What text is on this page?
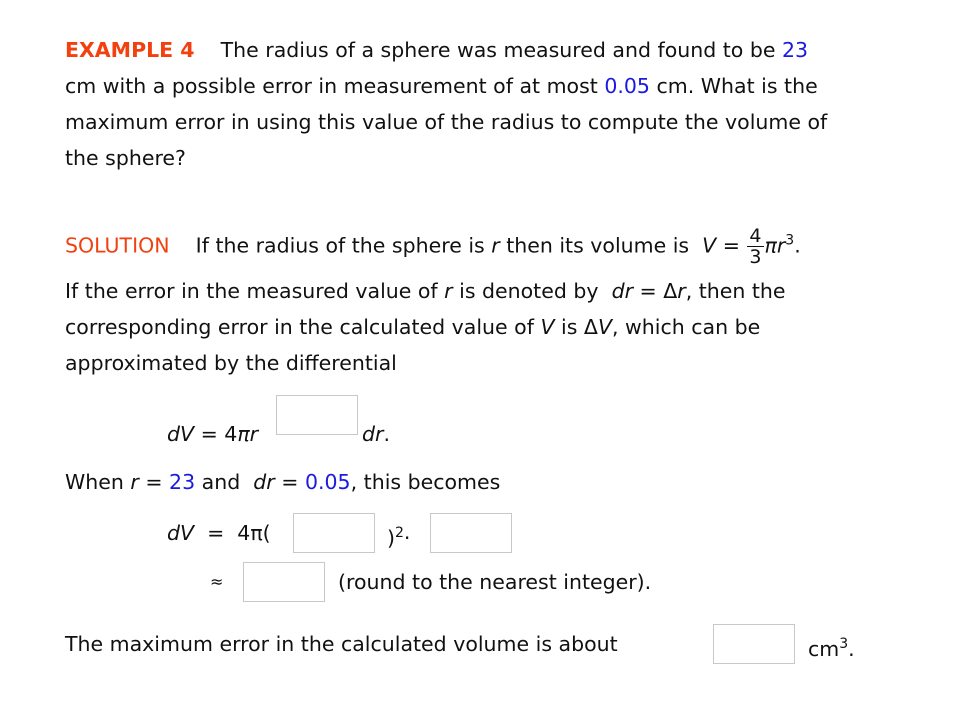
EXAMPLE 4 The radius of a sphere was measured and found to be 23
cm with a possible error in measurement of at most 0.05 cm. What is the
maximum error in using this value of the radius to compute the volume of
the sphere?
SOLUTION If the radius of the sphere is r then its volume is  $V = \frac{4}{3} \pi r^3$.
If the error in the measured value of r is denoted by  dr = Δr, then the
corresponding error in the calculated value of V is ΔV, which can be
approximated by the differential
dV = 4πr	dr.
When r = 23 and  dr = 0.05, this becomes
dV  =  4π(	)$^2$·
≈	(round to the nearest integer).
The maximum error in the calculated volume is about	$cm^3$.
